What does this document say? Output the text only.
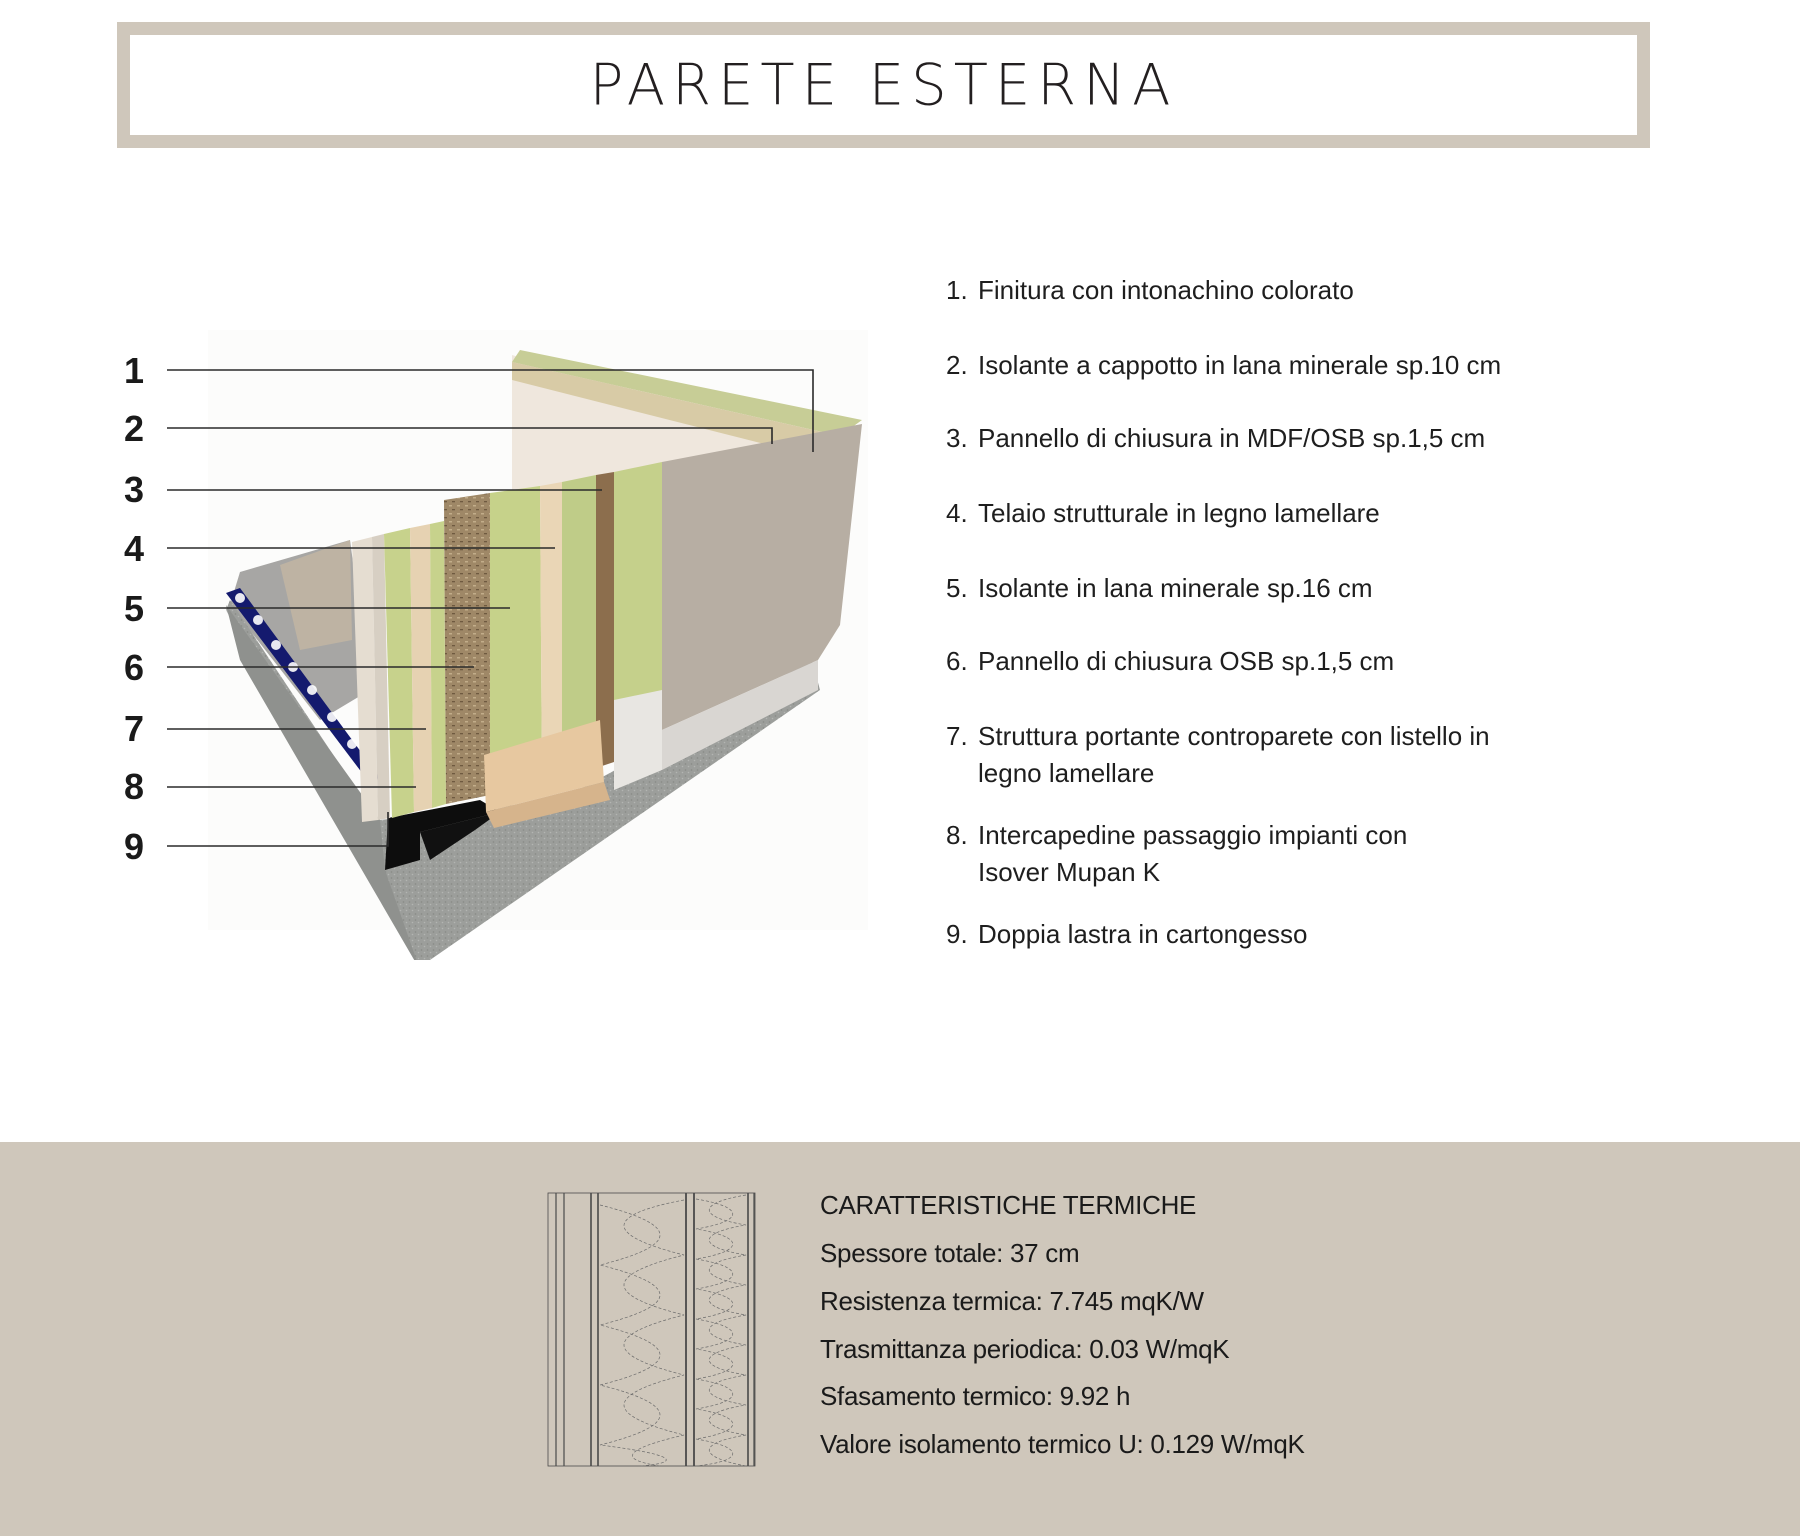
PARETE ESTERNA
1
2
3
4
5
6
7
8
9
1. Finitura con intonachino colorato
2. Isolante a cappotto in lana minerale sp.10 cm
3. Pannello di chiusura in MDF/OSB sp.1,5 cm
4. Telaio strutturale in legno lamellare
5. Isolante in lana minerale sp.16 cm
6. Pannello di chiusura OSB sp.1,5 cm
7. Struttura portante controparete con listello in
legno lamellare
8. Intercapedine passaggio impianti con
Isover Mupan K
9. Doppia lastra in cartongesso
CARATTERISTICHE TERMICHE
Spessore totale: 37 cm
Resistenza termica: 7.745 mqK/W
Trasmittanza periodica: 0.03 W/mqK
Sfasamento termico: 9.92 h
Valore isolamento termico U: 0.129 W/mqK
